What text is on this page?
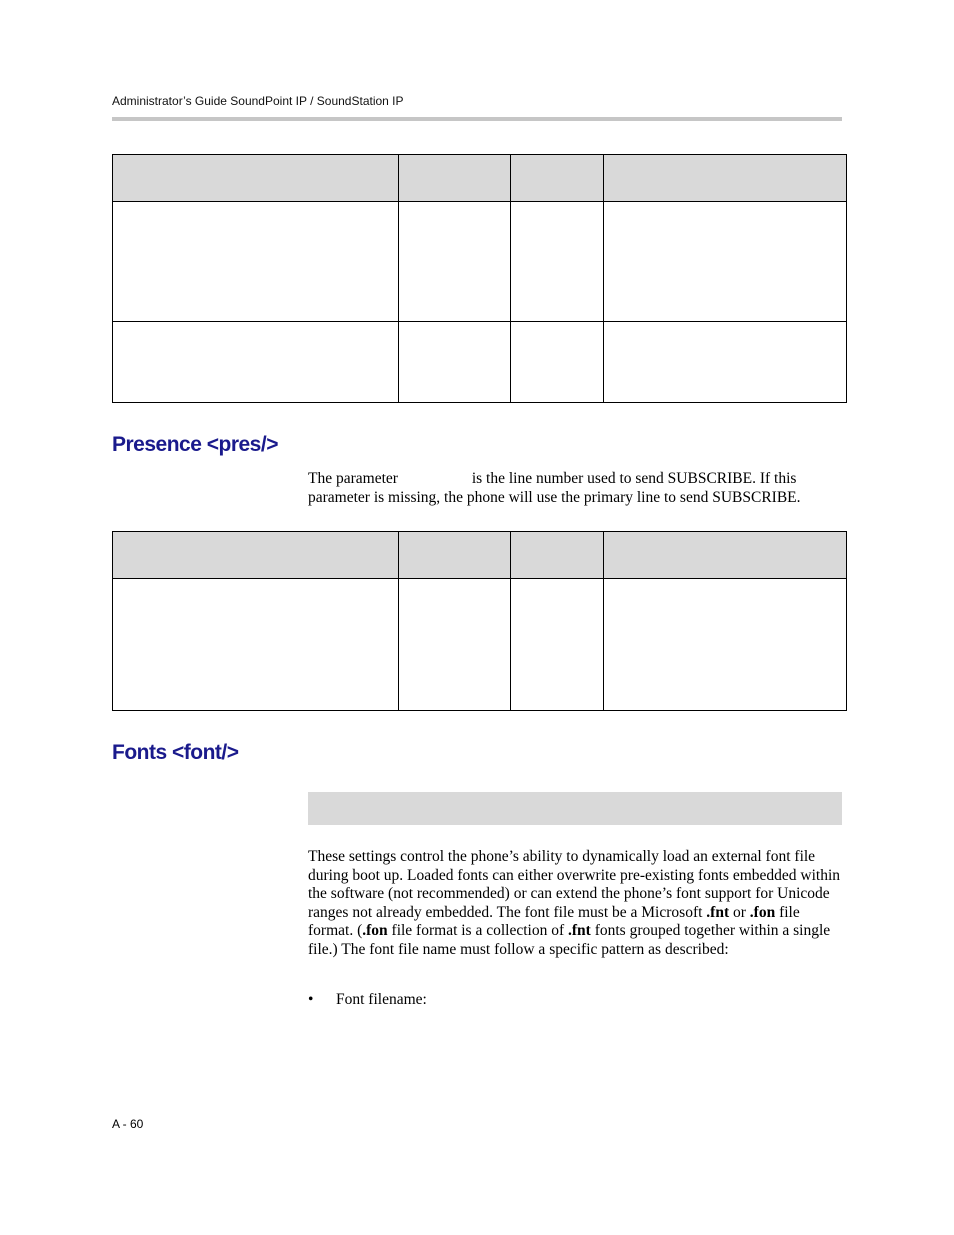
Administrator’s Guide SoundPoint IP / SoundStation IP

Presence <pres/>
The parameter	is the line number used to send SUBSCRIBE. If this parameter is missing, the phone will use the primary line to send SUBSCRIBE.

Fonts <font/>
These settings control the phone’s ability to dynamically load an external font file during boot up. Loaded fonts can either overwrite pre-existing fonts embedded within the software (not recommended) or can extend the phone’s font support for Unicode ranges not already embedded. The font file must be a Microsoft .fnt or .fon file format. (.fon file format is a collection of .fnt fonts grouped together within a single file.) The font file name must follow a specific pattern as described:
• Font filename:
A - 60
